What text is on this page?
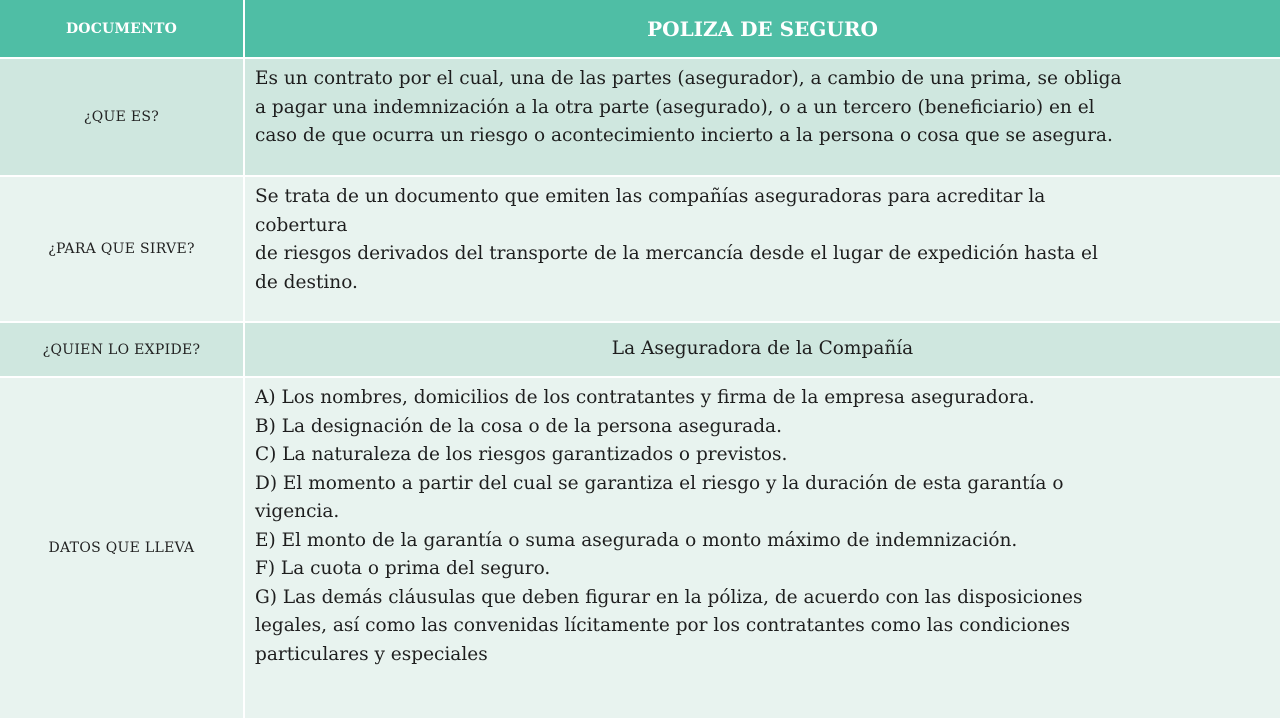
DOCUMENTO	POLIZA DE SEGURO
¿QUE ES?
Es un contrato por el cual, una de las partes (asegurador), a cambio de una prima, se obliga
a pagar una indemnización a la otra parte (asegurado), o a un tercero (beneficiario) en el
caso de que ocurra un riesgo o acontecimiento incierto a la persona o cosa que se asegura.
¿PARA QUE SIRVE?
Se trata de un documento que emiten las compañías aseguradoras para acreditar la
cobertura
de riesgos derivados del transporte de la mercancía desde el lugar de expedición hasta el
de destino.
¿QUIEN LO EXPIDE?	La Aseguradora de la Compañía
DATOS QUE LLEVA
A) Los nombres, domicilios de los contratantes y firma de la empresa aseguradora.
B) La designación de la cosa o de la persona asegurada.
C) La naturaleza de los riesgos garantizados o previstos.
D) El momento a partir del cual se garantiza el riesgo y la duración de esta garantía o
vigencia.
E) El monto de la garantía o suma asegurada o monto máximo de indemnización.
F) La cuota o prima del seguro.
G) Las demás cláusulas que deben figurar en la póliza, de acuerdo con las disposiciones
legales, así como las convenidas lícitamente por los contratantes como las condiciones
particulares y especiales
